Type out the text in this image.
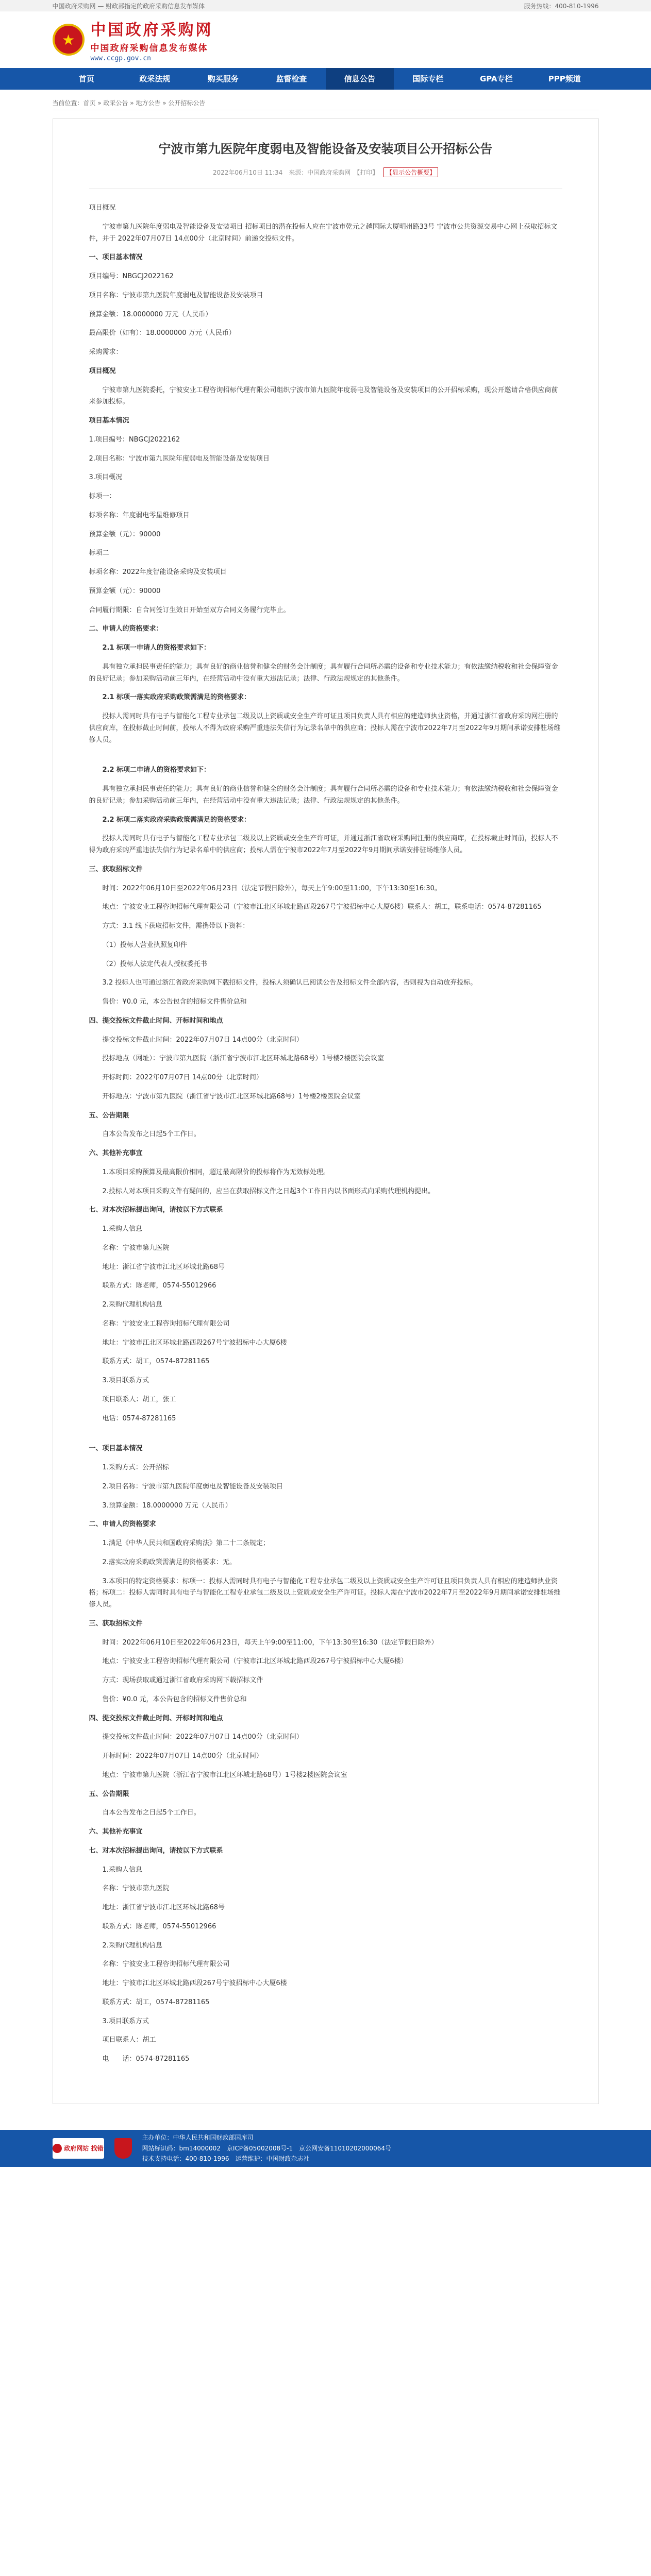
中国政府采购网 — 财政部指定的政府采购信息发布媒体	服务热线：400-810-1996
★
中国政府采购网
中国政府采购信息发布媒体
www.ccgp.gov.cn
首页	政采法规	购买服务	监督检查	信息公告	国际专栏	GPA专栏	PPP频道
当前位置：首页 » 政采公告 » 地方公告 » 公开招标公告
宁波市第九医院年度弱电及智能设备及安装项目公开招标公告
2022年06月10日 11:34　来源：中国政府采购网　【打印】 【显示公告概要】

项目概况

宁波市第九医院年度弱电及智能设备及安装项目 招标项目的潜在投标人应在宁波市乾元之越国际大厦明州路33号 宁波市公共资源交易中心网上获取招标文件，并于 2022年07月07日 14点00分（北京时间）前递交投标文件。

一、项目基本情况

项目编号：NBGCJ2022162

项目名称：宁波市第九医院年度弱电及智能设备及安装项目

预算金额：18.0000000 万元（人民币）

最高限价（如有）：18.0000000 万元（人民币）

采购需求：

项目概况

宁波市第九医院委托，宁波安业工程咨询招标代理有限公司组织宁波市第九医院年度弱电及智能设备及安装项目的公开招标采购，现公开邀请合格供应商前来参加投标。

项目基本情况

1.项目编号：NBGCJ2022162

2.项目名称：宁波市第九医院年度弱电及智能设备及安装项目

3.项目概况

标项一：

标项名称：年度弱电零星维修项目

预算金额（元）：90000

标项二

标项名称：2022年度智能设备采购及安装项目

预算金额（元）：90000

合同履行期限：自合同签订生效日开始至双方合同义务履行完毕止。

二、申请人的资格要求：

2.1 标项一申请人的资格要求如下：

具有独立承担民事责任的能力；具有良好的商业信誉和健全的财务会计制度；具有履行合同所必需的设备和专业技术能力；有依法缴纳税收和社会保障资金的良好记录；参加采购活动前三年内，在经营活动中没有重大违法记录；法律、行政法规规定的其他条件。

2.1 标项一落实政府采购政策需满足的资格要求：

投标人需同时具有电子与智能化工程专业承包二级及以上资质或安全生产许可证且项目负责人具有相应的建造师执业资格，并通过浙江省政府采购网注册的供应商库，在投标截止时间前，投标人不得为政府采购严重违法失信行为记录名单中的供应商；投标人需在宁波市2022年7月至2022年9月期间承诺安排驻场维修人员。

2.2 标项二申请人的资格要求如下：

具有独立承担民事责任的能力；具有良好的商业信誉和健全的财务会计制度；具有履行合同所必需的设备和专业技术能力；有依法缴纳税收和社会保障资金的良好记录；参加采购活动前三年内，在经营活动中没有重大违法记录；法律、行政法规规定的其他条件。

2.2 标项二落实政府采购政策需满足的资格要求：

投标人需同时具有电子与智能化工程专业承包二级及以上资质或安全生产许可证，并通过浙江省政府采购网注册的供应商库，在投标截止时间前，投标人不得为政府采购严重违法失信行为记录名单中的供应商；投标人需在宁波市2022年7月至2022年9月期间承诺安排驻场维修人员。

三、获取招标文件

时间：2022年06月10日至2022年06月23日（法定节假日除外），每天上午9:00至11:00，下午13:30至16:30。

地点：宁波安业工程咨询招标代理有限公司（宁波市江北区环城北路西段267号宁波招标中心大厦6楼）联系人：胡工，联系电话：0574-87281165

方式：3.1 线下获取招标文件，需携带以下资料：

（1）投标人营业执照复印件

（2）投标人法定代表人授权委托书

3.2 投标人也可通过浙江省政府采购网下载招标文件，投标人须确认已阅读公告及招标文件全部内容，否则视为自动放弃投标。

售价：¥0.0 元，本公告包含的招标文件售价总和

四、提交投标文件截止时间、开标时间和地点

提交投标文件截止时间：2022年07月07日 14点00分（北京时间）

投标地点（网址）：宁波市第九医院（浙江省宁波市江北区环城北路68号）1号楼2楼医院会议室

开标时间：2022年07月07日 14点00分（北京时间）

开标地点：宁波市第九医院（浙江省宁波市江北区环城北路68号）1号楼2楼医院会议室

五、公告期限

自本公告发布之日起5个工作日。

六、其他补充事宜

1.本项目采购预算及最高限价相同，超过最高限价的投标将作为无效标处理。

2.投标人对本项目采购文件有疑问的，应当在获取招标文件之日起3个工作日内以书面形式向采购代理机构提出。

七、对本次招标提出询问，请按以下方式联系

1.采购人信息

名称：宁波市第九医院

地址：浙江省宁波市江北区环城北路68号

联系方式：陈老师，0574-55012966

2.采购代理机构信息

名称：宁波安业工程咨询招标代理有限公司

地址：宁波市江北区环城北路西段267号宁波招标中心大厦6楼

联系方式：胡工，0574-87281165

3.项目联系方式

项目联系人：胡工，张工

电话：0574-87281165

一、项目基本情况

1.采购方式：公开招标

2.项目名称：宁波市第九医院年度弱电及智能设备及安装项目

3.预算金额：18.0000000 万元（人民币）

二、申请人的资格要求

1.满足《中华人民共和国政府采购法》第二十二条规定；

2.落实政府采购政策需满足的资格要求：无。

3.本项目的特定资格要求：标项一：投标人需同时具有电子与智能化工程专业承包二级及以上资质或安全生产许可证且项目负责人具有相应的建造师执业资格；标项二：投标人需同时具有电子与智能化工程专业承包二级及以上资质或安全生产许可证。投标人需在宁波市2022年7月至2022年9月期间承诺安排驻场维修人员。

三、获取招标文件

时间：2022年06月10日至2022年06月23日，每天上午9:00至11:00，下午13:30至16:30（法定节假日除外）

地点：宁波安业工程咨询招标代理有限公司（宁波市江北区环城北路西段267号宁波招标中心大厦6楼）

方式：现场获取或通过浙江省政府采购网下载招标文件

售价：¥0.0 元，本公告包含的招标文件售价总和

四、提交投标文件截止时间、开标时间和地点

提交投标文件截止时间：2022年07月07日 14点00分（北京时间）

开标时间：2022年07月07日 14点00分（北京时间）

地点：宁波市第九医院（浙江省宁波市江北区环城北路68号）1号楼2楼医院会议室

五、公告期限

自本公告发布之日起5个工作日。

六、其他补充事宜

七、对本次招标提出询问，请按以下方式联系

1.采购人信息

名称：宁波市第九医院

地址：浙江省宁波市江北区环城北路68号

联系方式：陈老师，0574-55012966

2.采购代理机构信息

名称：宁波安业工程咨询招标代理有限公司

地址：宁波市江北区环城北路西段267号宁波招标中心大厦6楼

联系方式：胡工，0574-87281165

3.项目联系方式

项目联系人：胡工

电　　话：0574-87281165

政府网站 找错
主办单位：中华人民共和国财政部国库司
网站标识码：bm14000002　京ICP备05002008号-1　京公网安备11010202000064号
技术支持电话：400-810-1996　运营维护：中国财政杂志社
